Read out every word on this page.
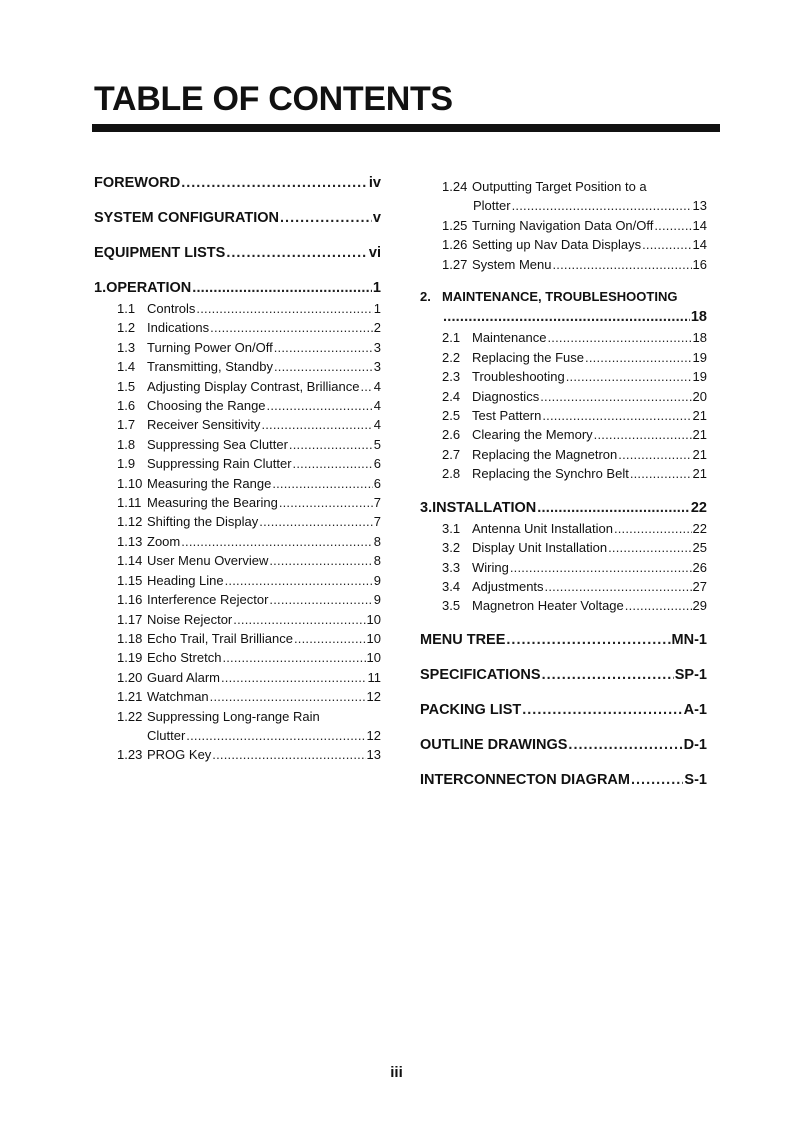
TABLE OF CONTENTS
FOREWORD .....	iv
SYSTEM CONFIGURATION .....	v
EQUIPMENT LISTS .....	vi
1. OPERATION .....	1
1.1 Controls .....	1
1.2 Indications .....	2
1.3 Turning Power On/Off .....	3
1.4 Transmitting, Standby .....	3
1.5 Adjusting Display Contrast, Brilliance ..... 4
1.6 Choosing the Range .....	4
1.7 Receiver Sensitivity .....	4
1.8 Suppressing Sea Clutter .....	5
1.9 Suppressing Rain Clutter .....	6
1.10 Measuring the Range .....	6
1.11 Measuring the Bearing .....	7
1.12 Shifting the Display .....	7
1.13 Zoom .....	8
1.14 User Menu Overview .....	8
1.15 Heading Line .....	9
1.16 Interference Rejector .....	9
1.17 Noise Rejector .....	10
1.18 Echo Trail, Trail Brilliance .....	10
1.19 Echo Stretch .....	10
1.20 Guard Alarm .....	11
1.21 Watchman .....	12
1.22 Suppressing Long-range Rain
Clutter .....	12
1.23 PROG Key .....	13
1.24 Outputting Target Position to a
Plotter .....	13
1.25 Turning Navigation Data On/Off .....	14
1.26 Setting up Nav Data Displays .....	14
1.27 System Menu .....	16
2. MAINTENANCE, TROUBLESHOOTING
.....
18
2.1 Maintenance .....	18
2.2 Replacing the Fuse .....	19
2.3 Troubleshooting .....	19
2.4 Diagnostics .....	20
2.5 Test Pattern .....	21
2.6 Clearing the Memory .....	21
2.7 Replacing the Magnetron .....	21
2.8 Replacing the Synchro Belt .....	21
3. INSTALLATION .....	22
3.1 Antenna Unit Installation .....	22
3.2 Display Unit Installation .....	25
3.3 Wiring .....	26
3.4 Adjustments .....	27
3.5 Magnetron Heater Voltage .....	29
MENU TREE .....	MN-1
SPECIFICATIONS .....	SP-1
PACKING LIST .....	A-1
OUTLINE DRAWINGS .....	D-1
INTERCONNECTON DIAGRAM .....	S-1
iii
